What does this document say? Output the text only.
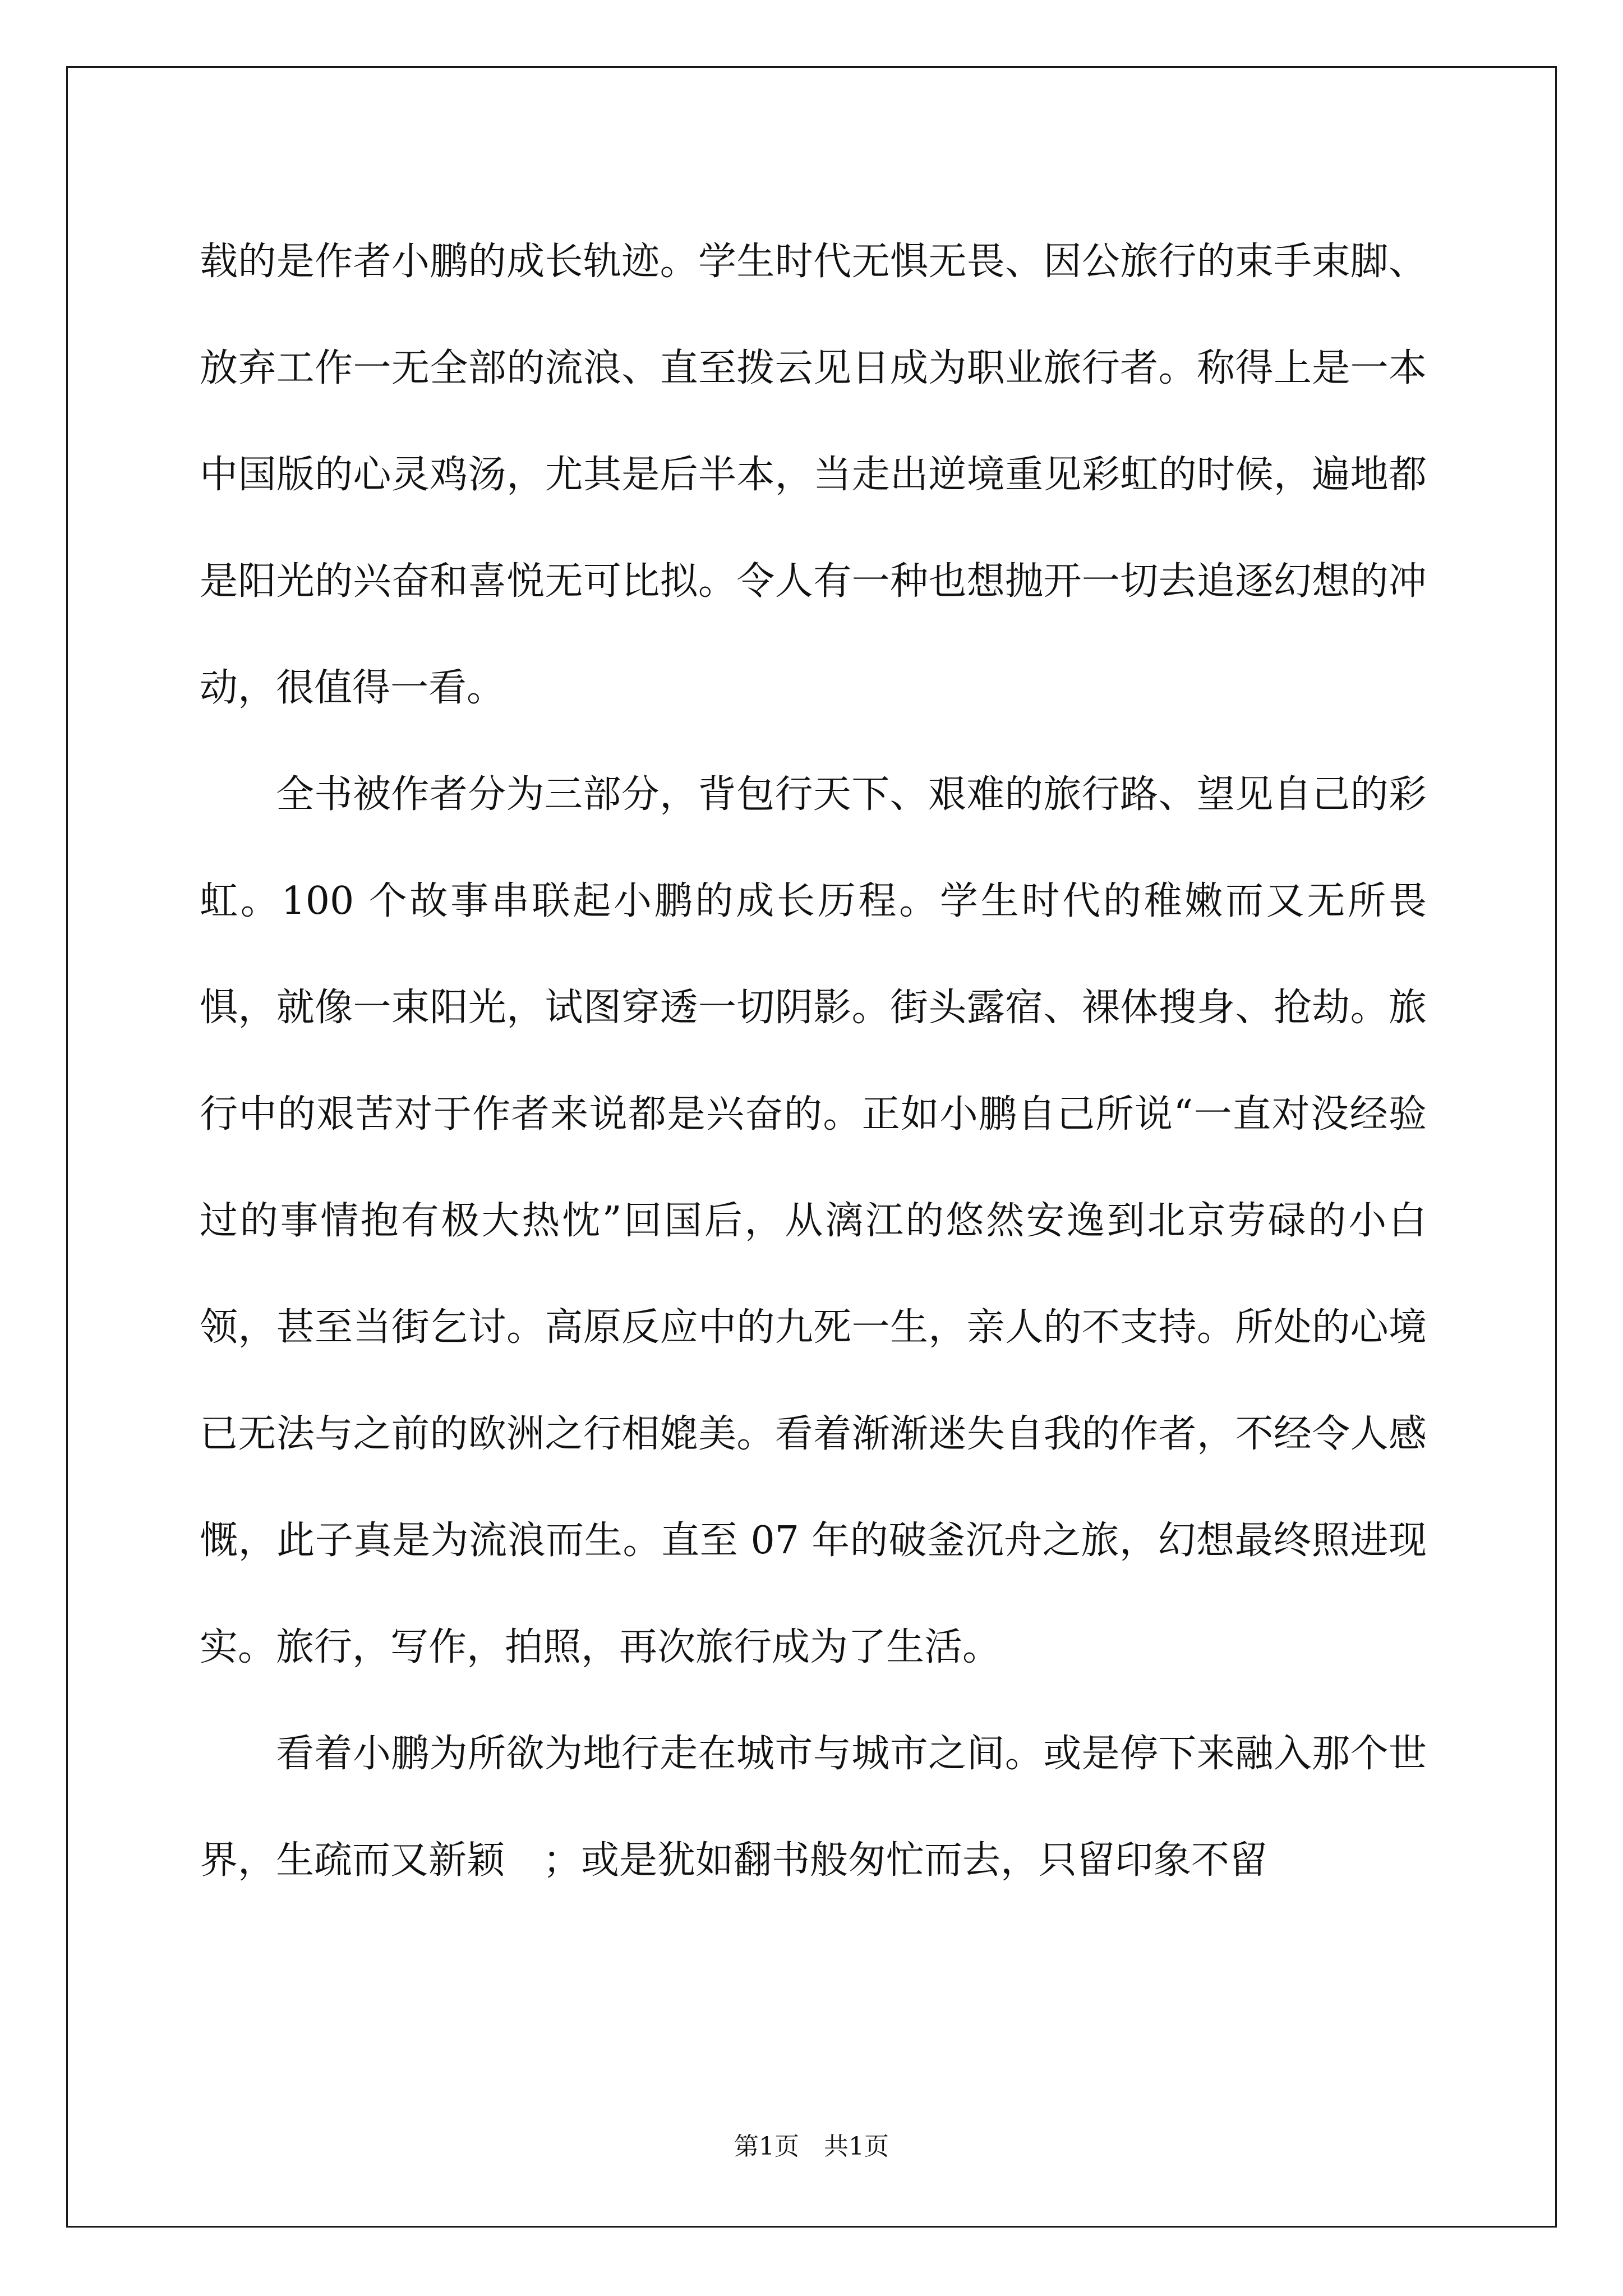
载的是作者小鹏的成长轨迹。学生时代无惧无畏、因公旅行的束手束脚、放弃工作一无全部的流浪、直至拨云见日成为职业旅行者。称得上是一本中国版的心灵鸡汤，尤其是后半本，当走出逆境重见彩虹的时候，遍地都是阳光的兴奋和喜悦无可比拟。令人有一种也想抛开一切去追逐幻想的冲动，很值得一看。

全书被作者分为三部分，背包行天下、艰难的旅行路、望见自己的彩虹。100 个故事串联起小鹏的成长历程。学生时代的稚嫩而又无所畏惧，就像一束阳光，试图穿透一切阴影。街头露宿、裸体搜身、抢劫。旅行中的艰苦对于作者来说都是兴奋的。正如小鹏自己所说“一直对没经验过的事情抱有极大热忱”回国后，从漓江的悠然安逸到北京劳碌的小白领，甚至当街乞讨。高原反应中的九死一生，亲人的不支持。所处的心境已无法与之前的欧洲之行相媲美。看着渐渐迷失自我的作者，不经令人感慨，此子真是为流浪而生。直至 07 年的破釜沉舟之旅，幻想最终照进现实。旅行，写作，拍照，再次旅行成为了生活。

看着小鹏为所欲为地行走在城市与城市之间。或是停下来融入那个世界，生疏而又新颖　；或是犹如翻书般匆忙而去，只留印象不留

第1页　共1页
